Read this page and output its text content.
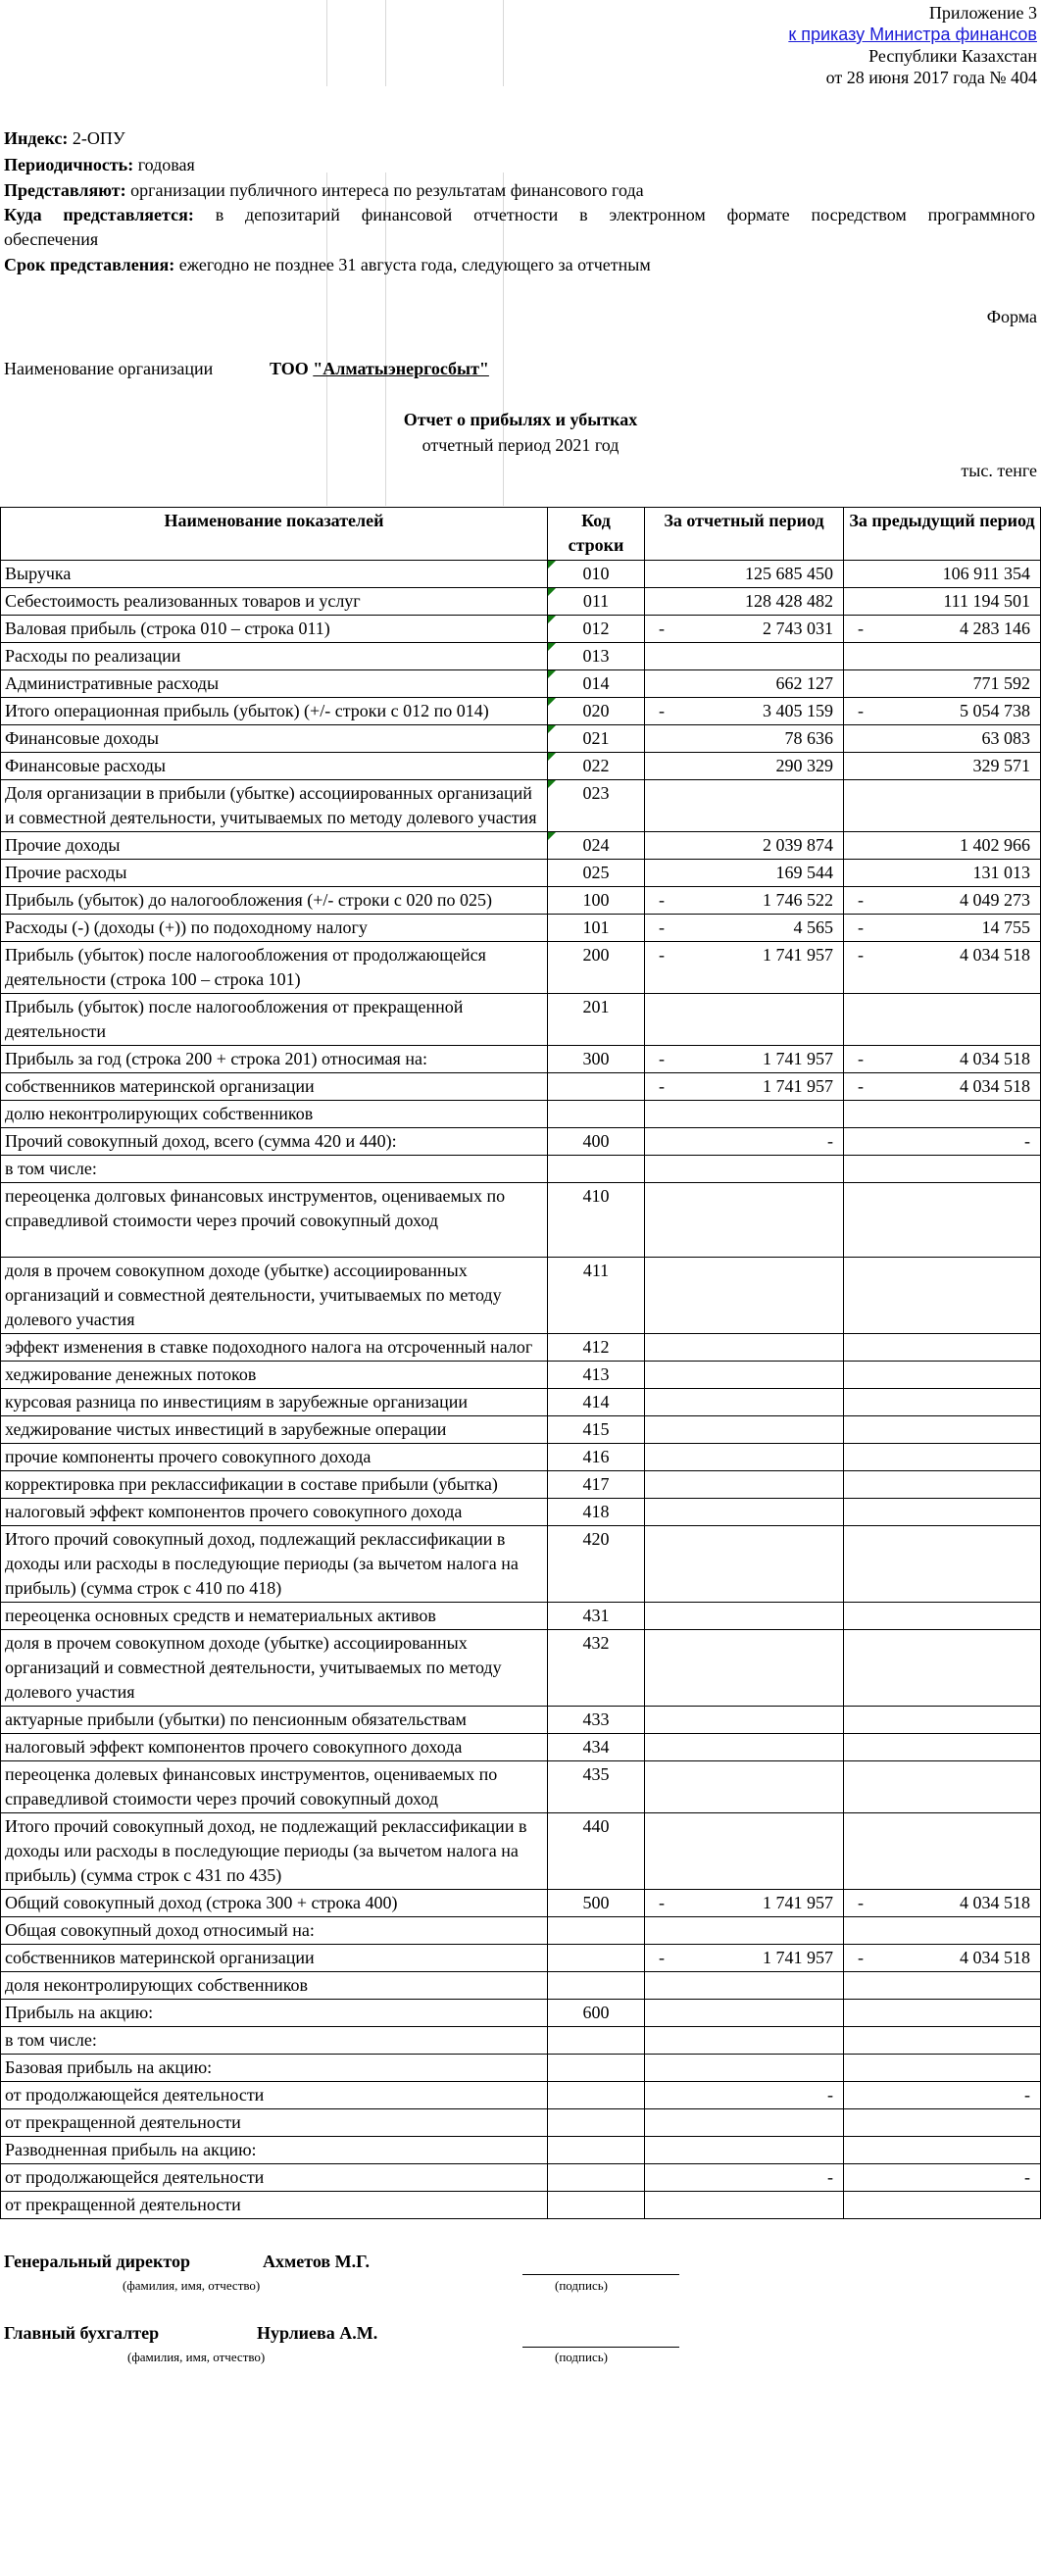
Приложение 3
к приказу Министра финансов
Республики Казахстан
от 28 июня 2017 года № 404
Индекс: 2-ОПУ
Периодичность: годовая
Представляют: организации публичного интереса по результатам финансового года
Куда представляется: в депозитарий финансовой отчетности в электронном формате посредством программного
обеспечения
Срок представления: ежегодно не позднее 31 августа года, следующего за отчетным
Форма
Наименование организации	ТОО "Алматыэнергосбыт"
Отчет о прибылях и убытках
отчетный период 2021 год
тыс. тенге
Наименование показателей	Код строки	За отчетный период	За предыдущий период
Выручка	010	125 685 450	106 911 354
Себестоимость реализованных товаров и услуг	011	128 428 482	111 194 501
Валовая прибыль (строка 010 – строка 011)	012	- 2 743 031	- 4 283 146
Расходы по реализации	013		
Административные расходы	014	662 127	771 592
Итого операционная прибыль (убыток) (+/- строки с 012 по 014)	020	- 3 405 159	- 5 054 738
Финансовые доходы	021	78 636	63 083
Финансовые расходы	022	290 329	329 571
Доля организации в прибыли (убытке) ассоциированных организаций и совместной деятельности, учитываемых по методу долевого участия	023		
Прочие доходы	024	2 039 874	1 402 966
Прочие расходы	025	169 544	131 013
Прибыль (убыток) до налогообложения (+/- строки с 020 по 025)	100	- 1 746 522	- 4 049 273
Расходы (-) (доходы (+)) по подоходному налогу	101	- 4 565	- 14 755
Прибыль (убыток) после налогообложения от продолжающейся деятельности (строка 100 – строка 101)	200	- 1 741 957	- 4 034 518
Прибыль (убыток) после налогообложения от прекращенной деятельности	201		
Прибыль за год (строка 200 + строка 201) относимая на:	300	- 1 741 957	- 4 034 518
собственников материнской организации		- 1 741 957	- 4 034 518
долю неконтролирующих собственников			
Прочий совокупный доход, всего (сумма 420 и 440):	400	-	-
в том числе:			
переоценка долговых финансовых инструментов, оцениваемых по справедливой стоимости через прочий совокупный доход	410		
доля в прочем совокупном доходе (убытке) ассоциированных организаций и совместной деятельности, учитываемых по методу долевого участия	411		
эффект изменения в ставке подоходного налога на отсроченный налог	412		
хеджирование денежных потоков	413		
курсовая разница по инвестициям в зарубежные организации	414		
хеджирование чистых инвестиций в зарубежные операции	415		
прочие компоненты прочего совокупного дохода	416		
корректировка при реклассификации в составе прибыли (убытка)	417		
налоговый эффект компонентов прочего совокупного дохода	418		
Итого прочий совокупный доход, подлежащий реклассификации в доходы или расходы в последующие периоды (за вычетом налога на прибыль) (сумма строк с 410 по 418)	420		
переоценка основных средств и нематериальных активов	431		
доля в прочем совокупном доходе (убытке) ассоциированных организаций и совместной деятельности, учитываемых по методу долевого участия	432		
актуарные прибыли (убытки) по пенсионным обязательствам	433		
налоговый эффект компонентов прочего совокупного дохода	434		
переоценка долевых финансовых инструментов, оцениваемых по справедливой стоимости через прочий совокупный доход	435		
Итого прочий совокупный доход, не подлежащий реклассификации в доходы или расходы в последующие периоды (за вычетом налога на прибыль) (сумма строк с 431 по 435)	440		
Общий совокупный доход (строка 300 + строка 400)	500	- 1 741 957	- 4 034 518
Общая совокупный доход относимый на:			
собственников материнской организации		- 1 741 957	- 4 034 518
доля неконтролирующих собственников			
Прибыль на акцию:	600		
в том числе:			
Базовая прибыль на акцию:			
от продолжающейся деятельности		-	-
от прекращенной деятельности			
Разводненная прибыль на акцию:			
от продолжающейся деятельности		-	-
от прекращенной деятельности			
Генеральный директор	Ахметов М.Г.
(фамилия, имя, отчество)	(подпись)
Главный бухгалтер	Нурлиева А.М.
(фамилия, имя, отчество)	(подпись)
